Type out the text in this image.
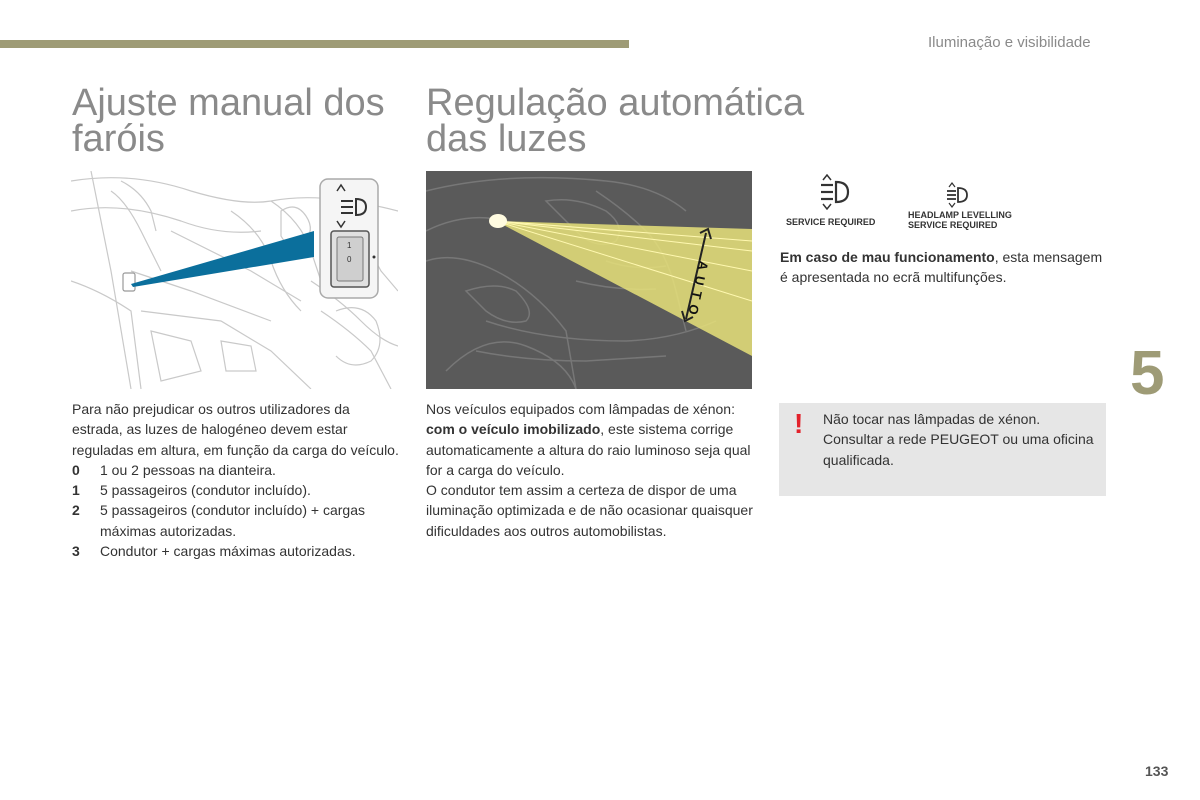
Iluminação e visibilidade
Ajuste manual dos
faróis
Regulação automática
das luzes
1
0	AUTO
SERVICE REQUIRED
HEADLAMP LEVELLING
SERVICE REQUIRED

Em caso de mau funcionamento, esta mensagem é apresentada no ecrã multifunções.

Para não prejudicar os outros utilizadores da estrada, as luzes de halogéneo devem estar reguladas em altura, em função da carga do veículo.

0	1 ou 2 pessoas na dianteira.
1	5 passageiros (condutor incluído).
2	5 passageiros (condutor incluído) + cargas máximas autorizadas.
3	Condutor + cargas máximas autorizadas.

Nos veículos equipados com lâmpadas de xénon: com o veículo imobilizado, este sistema corrige automaticamente a altura do raio luminoso seja qual for a carga do veículo.

O condutor tem assim a certeza de dispor de uma iluminação optimizada e de não ocasionar quaisquer dificuldades aos outros automobilistas.

! Não tocar nas lâmpadas de xénon. Consultar a rede PEUGEOT ou uma oficina qualificada.
5
133
